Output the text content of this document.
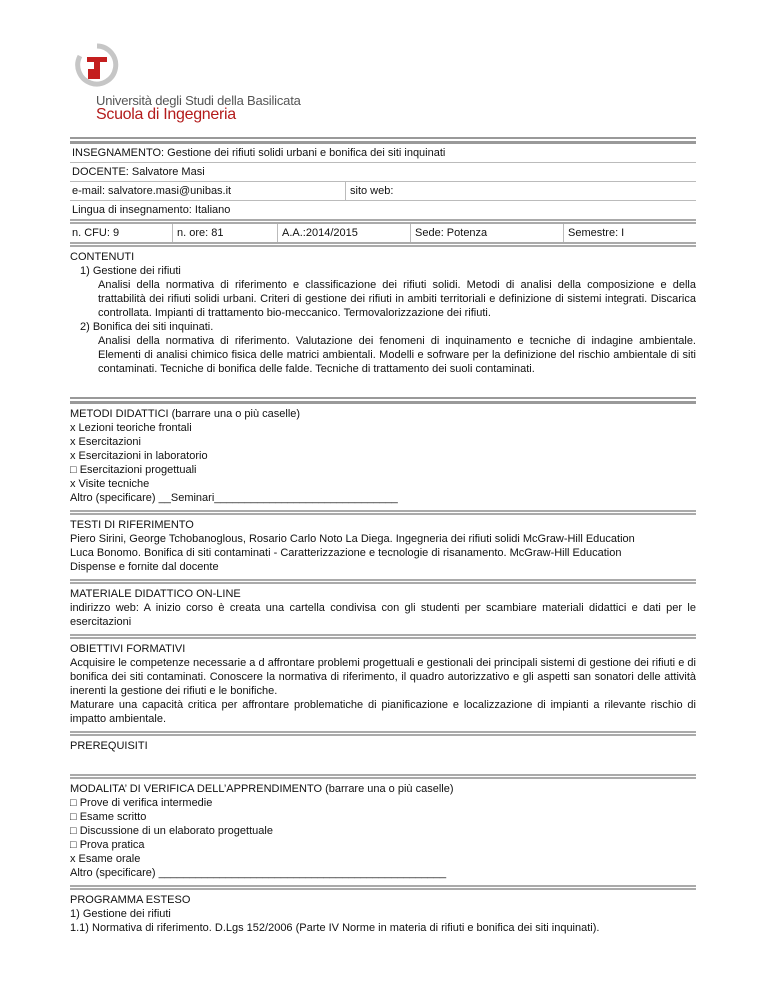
Università degli Studi della Basilicata
Scuola di Ingegneria
INSEGNAMENTO: Gestione dei rifiuti solidi urbani e bonifica dei siti inquinati
DOCENTE: Salvatore Masi
e-mail: salvatore.masi@unibas.it	sito web:
Lingua di insegnamento: Italiano
n. CFU: 9	n. ore: 81	A.A.:2014/2015	Sede: Potenza	Semestre: I

CONTENUTI

1) Gestione dei rifiuti

Analisi della normativa di riferimento e classificazione dei rifiuti solidi. Metodi di analisi della composizione e della trattabilità dei rifiuti solidi urbani. Criteri di gestione dei rifiuti in ambiti territoriali e definizione di sistemi integrati. Discarica controllata. Impianti di trattamento bio-meccanico. Termovalorizzazione dei rifiuti.

2) Bonifica dei siti inquinati.

Analisi della normativa di riferimento. Valutazione dei fenomeni di inquinamento e tecniche di indagine ambientale. Elementi di analisi chimico fisica delle matrici ambientali. Modelli e sofrware per la definizione del rischio ambientale di siti contaminati. Tecniche di bonifica delle falde. Tecniche di trattamento dei suoli contaminati.

METODI DIDATTICI (barrare una o più caselle)

x Lezioni teoriche frontali

x Esercitazioni

x Esercitazioni in laboratorio

□ Esercitazioni progettuali

x Visite tecniche

Altro (specificare) __Seminari______________________________

TESTI DI RIFERIMENTO

Piero Sirini, George Tchobanoglous, Rosario Carlo Noto La Diega. Ingegneria dei rifiuti solidi McGraw-Hill Education

Luca Bonomo. Bonifica di siti contaminati - Caratterizzazione e tecnologie di risanamento. McGraw-Hill Education

Dispense e fornite dal docente

MATERIALE DIDATTICO ON-LINE

indirizzo web: A inizio corso è creata una cartella condivisa con gli studenti per scambiare materiali didattici e dati per le esercitazioni

OBIETTIVI FORMATIVI

Acquisire le competenze necessarie a d affrontare problemi progettuali e gestionali dei principali sistemi di gestione dei rifiuti e di bonifica dei siti contaminati. Conoscere la normativa di riferimento, il quadro autorizzativo e gli aspetti san sonatori delle attività inerenti la gestione dei rifiuti e le bonifiche.

Maturare una capacità critica per affrontare problematiche di pianificazione e localizzazione di impianti a rilevante rischio di impatto ambientale.

PREREQUISITI

MODALITA’ DI VERIFICA DELL’APPRENDIMENTO (barrare una o più caselle)

□ Prove di verifica intermedie

□ Esame scritto

□ Discussione di un elaborato progettuale

□ Prova pratica

x Esame orale

Altro (specificare) _______________________________________________

PROGRAMMA ESTESO

1) Gestione dei rifiuti

1.1) Normativa di riferimento. D.Lgs 152/2006 (Parte IV Norme in materia di rifiuti e bonifica dei siti inquinati).
